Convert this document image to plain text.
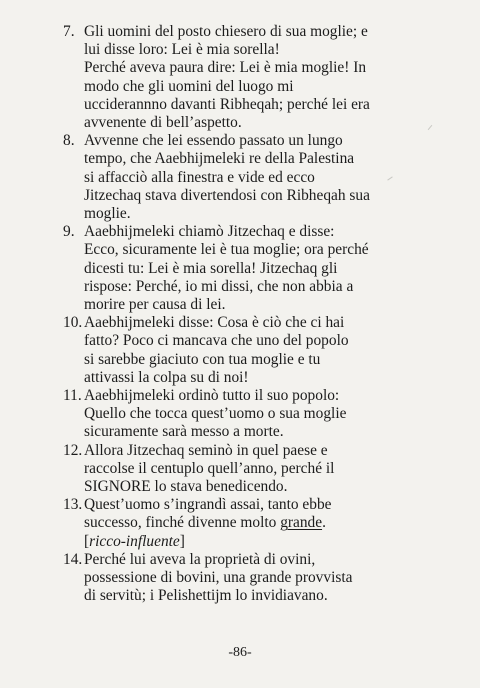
7. Gli uomini del posto chiesero di sua moglie; e
lui disse loro: Lei è mia sorella!
Perché aveva paura dire: Lei è mia moglie! In
modo che gli uomini del luogo mi
ucciderannno davanti Ribheqah; perché lei era
avvenente di bell’aspetto.
8. Avvenne che lei essendo passato un lungo
tempo, che Aaebhijmeleki re della Palestina
si affacciò alla finestra e vide ed ecco
Jitzechaq stava divertendosi con Ribheqah sua
moglie.
9. Aaebhijmeleki chiamò Jitzechaq e disse:
Ecco, sicuramente lei è tua moglie; ora perché
dicesti tu: Lei è mia sorella! Jitzechaq gli
rispose: Perché, io mi dissi, che non abbia a
morire per causa di lei.
10. Aaebhijmeleki disse: Cosa è ciò che ci hai
fatto? Poco ci mancava che uno del popolo
si sarebbe giaciuto con tua moglie e tu
attivassi la colpa su di noi!
11. Aaebhijmeleki ordinò tutto il suo popolo:
Quello che tocca quest’uomo o sua moglie
sicuramente sarà messo a morte.
12. Allora Jitzechaq seminò in quel paese e
raccolse il centuplo quell’anno, perché il
SIGNORE lo stava benedicendo.
13. Quest’uomo s’ingrandì assai, tanto ebbe
successo, finché divenne molto grande.
[ricco-influente]
14. Perché lui aveva la proprietà di ovini,
possessione di bovini, una grande provvista
di servitù; i Pelishettijm lo invidiavano.
-86-
